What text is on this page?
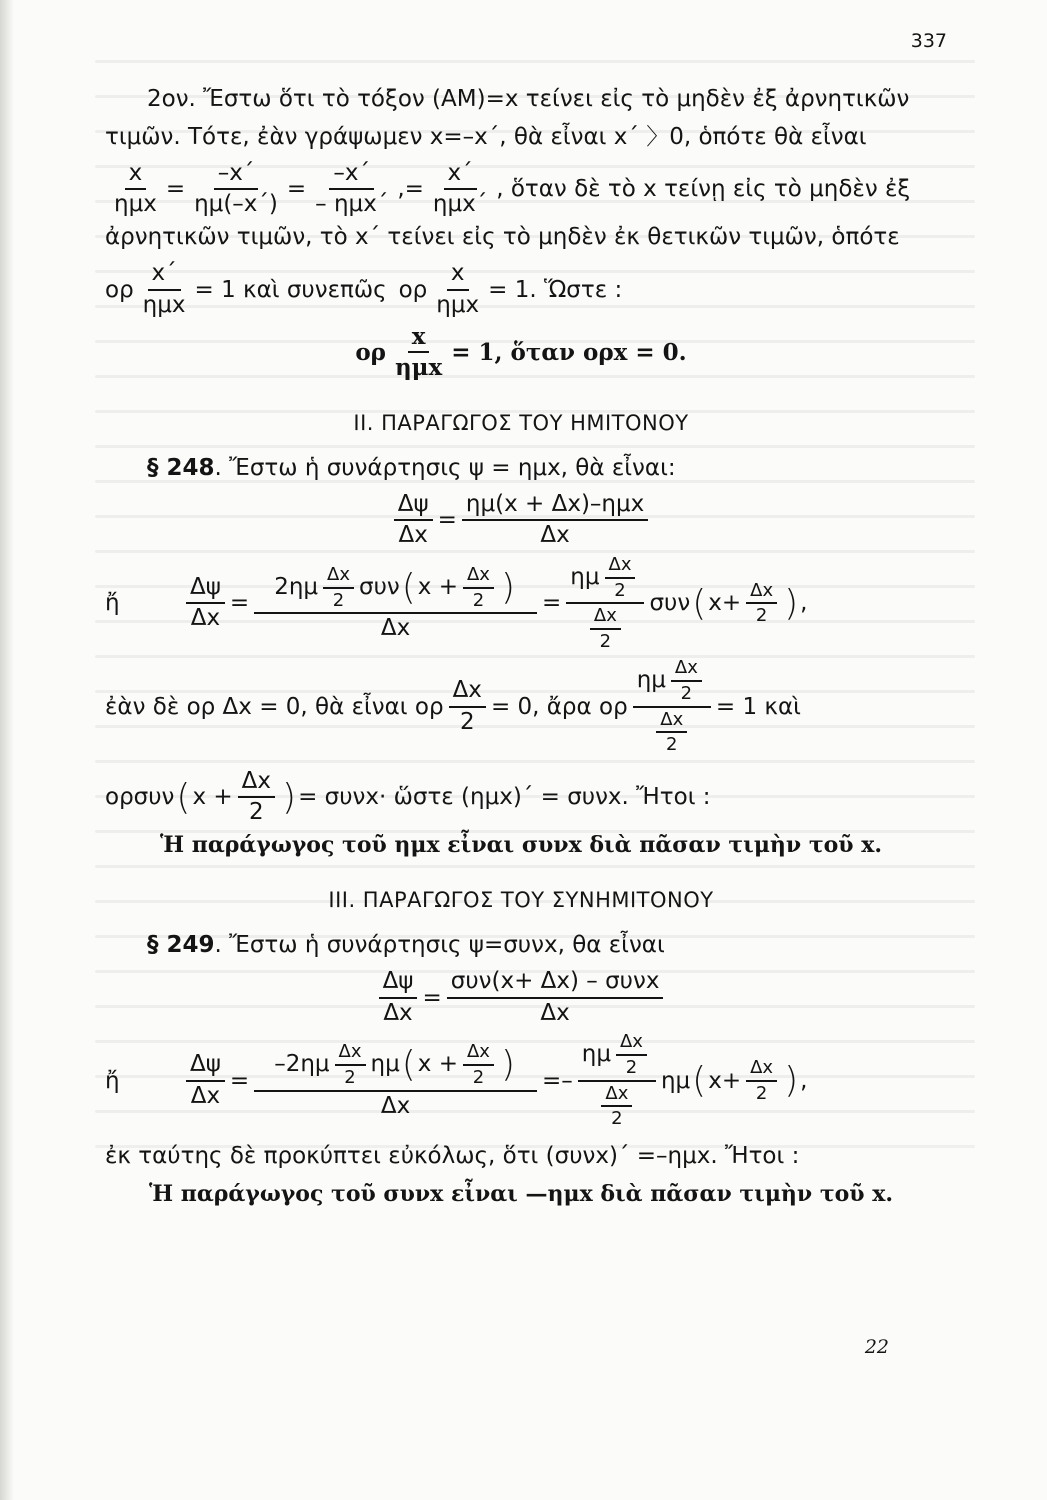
337

2ον. Ἔστω ὅτι τὸ τόξον (ΑΜ)=x τείνει εἰς τὸ μηδὲν ἐξ ἀρνητικῶν

τιμῶν. Τότε, ἐὰν γράψωμεν x=–x΄, θὰ εἶναι x΄ 〉0, ὁπότε θὰ εἶναι

$\frac{x}{\text{ημx}} = \frac{-x΄}{\eta\mu(-x΄)} = \frac{-x΄}{\text{– ημx΄}}$ , = $\frac{x΄}{\text{ημx΄}}$ , ὅταν δὲ τὸ x τείνῃ εἰς τὸ μηδὲν ἐξ

ἀρνητικῶν τιμῶν, τὸ x΄ τείνει εἰς τὸ μηδὲν ἐκ θετικῶν τιμῶν, ὁπότε

ορ $\frac{x΄}{\text{ημx}} = 1$ καὶ συνεπῶς ορ $\frac{x}{\text{ημx}} = 1$. Ὥστε :
ορ $\frac{x}{\text{ημx}} = 1$, ὅταν ορx = 0.
ΙΙ. ΠΑΡΑΓΩΓΟΣ ΤΟΥ ΗΜΙΤΟΝΟΥ

§ 248. Ἔστω ἡ συνάρτησις ψ = ημx, θὰ εἶναι:

$\frac{\Delta\psi}{\Delta x} = \frac{\text{ημ(x + Δx)–ημx}}{\Delta x}$
ἤ	$\frac{\Delta\psi}{\Delta x}$ =
$2\eta\mu \frac{\Delta x}{2}$ συν ( $x + \frac{\Delta x}{2}$ )
Δx
= $\frac{\eta\mu \frac{\Delta x}{2}}{\frac{\Delta x}{2}}$ συν ( $x+ \frac{\Delta x}{2}$ ) ,
ἐὰν δὲ ορ Δx = 0, θὰ εἶναι ορ $\frac{\Delta x}{2} = 0$, ἄρα ορ $\frac{\eta\mu \frac{\Delta x}{2}}{\frac{\Delta x}{2}} = 1$ καὶ
ορσυν ( $x + \frac{\Delta x}{2}$ ) = συνx· ὥστε (ημx)΄ = συνx. Ἤτοι :
Ἡ παράγωγος τοῦ ημx εἶναι συνx διὰ πᾶσαν τιμὴν τοῦ x.
ΙΙΙ. ΠΑΡΑΓΩΓΟΣ ΤΟΥ ΣΥΝΗΜΙΤΟΝΟΥ

§ 249. Ἔστω ἡ συνάρτησις ψ=συνx, θα εἶναι

$\frac{\Delta\psi}{\Delta x} = \frac{\text{συν(x+ Δx) – συνx}}{\Delta x}$
ἤ	$\frac{\Delta\psi}{\Delta x}$ =
$-2\eta\mu \frac{\Delta x}{2}$ ημ ( $x + \frac{\Delta x}{2}$ )
Δx
= – $\frac{\eta\mu \frac{\Delta x}{2}}{\frac{\Delta x}{2}}$ ημ ( $x+ \frac{\Delta x}{2}$ ) ,

ἐκ ταύτης δὲ προκύπτει εὐκόλως, ὅτι (συνx)΄ =–ημx. Ἤτοι :

Ἡ παράγωγος τοῦ συνx εἶναι —ημx διὰ πᾶσαν τιμὴν τοῦ x.
22
